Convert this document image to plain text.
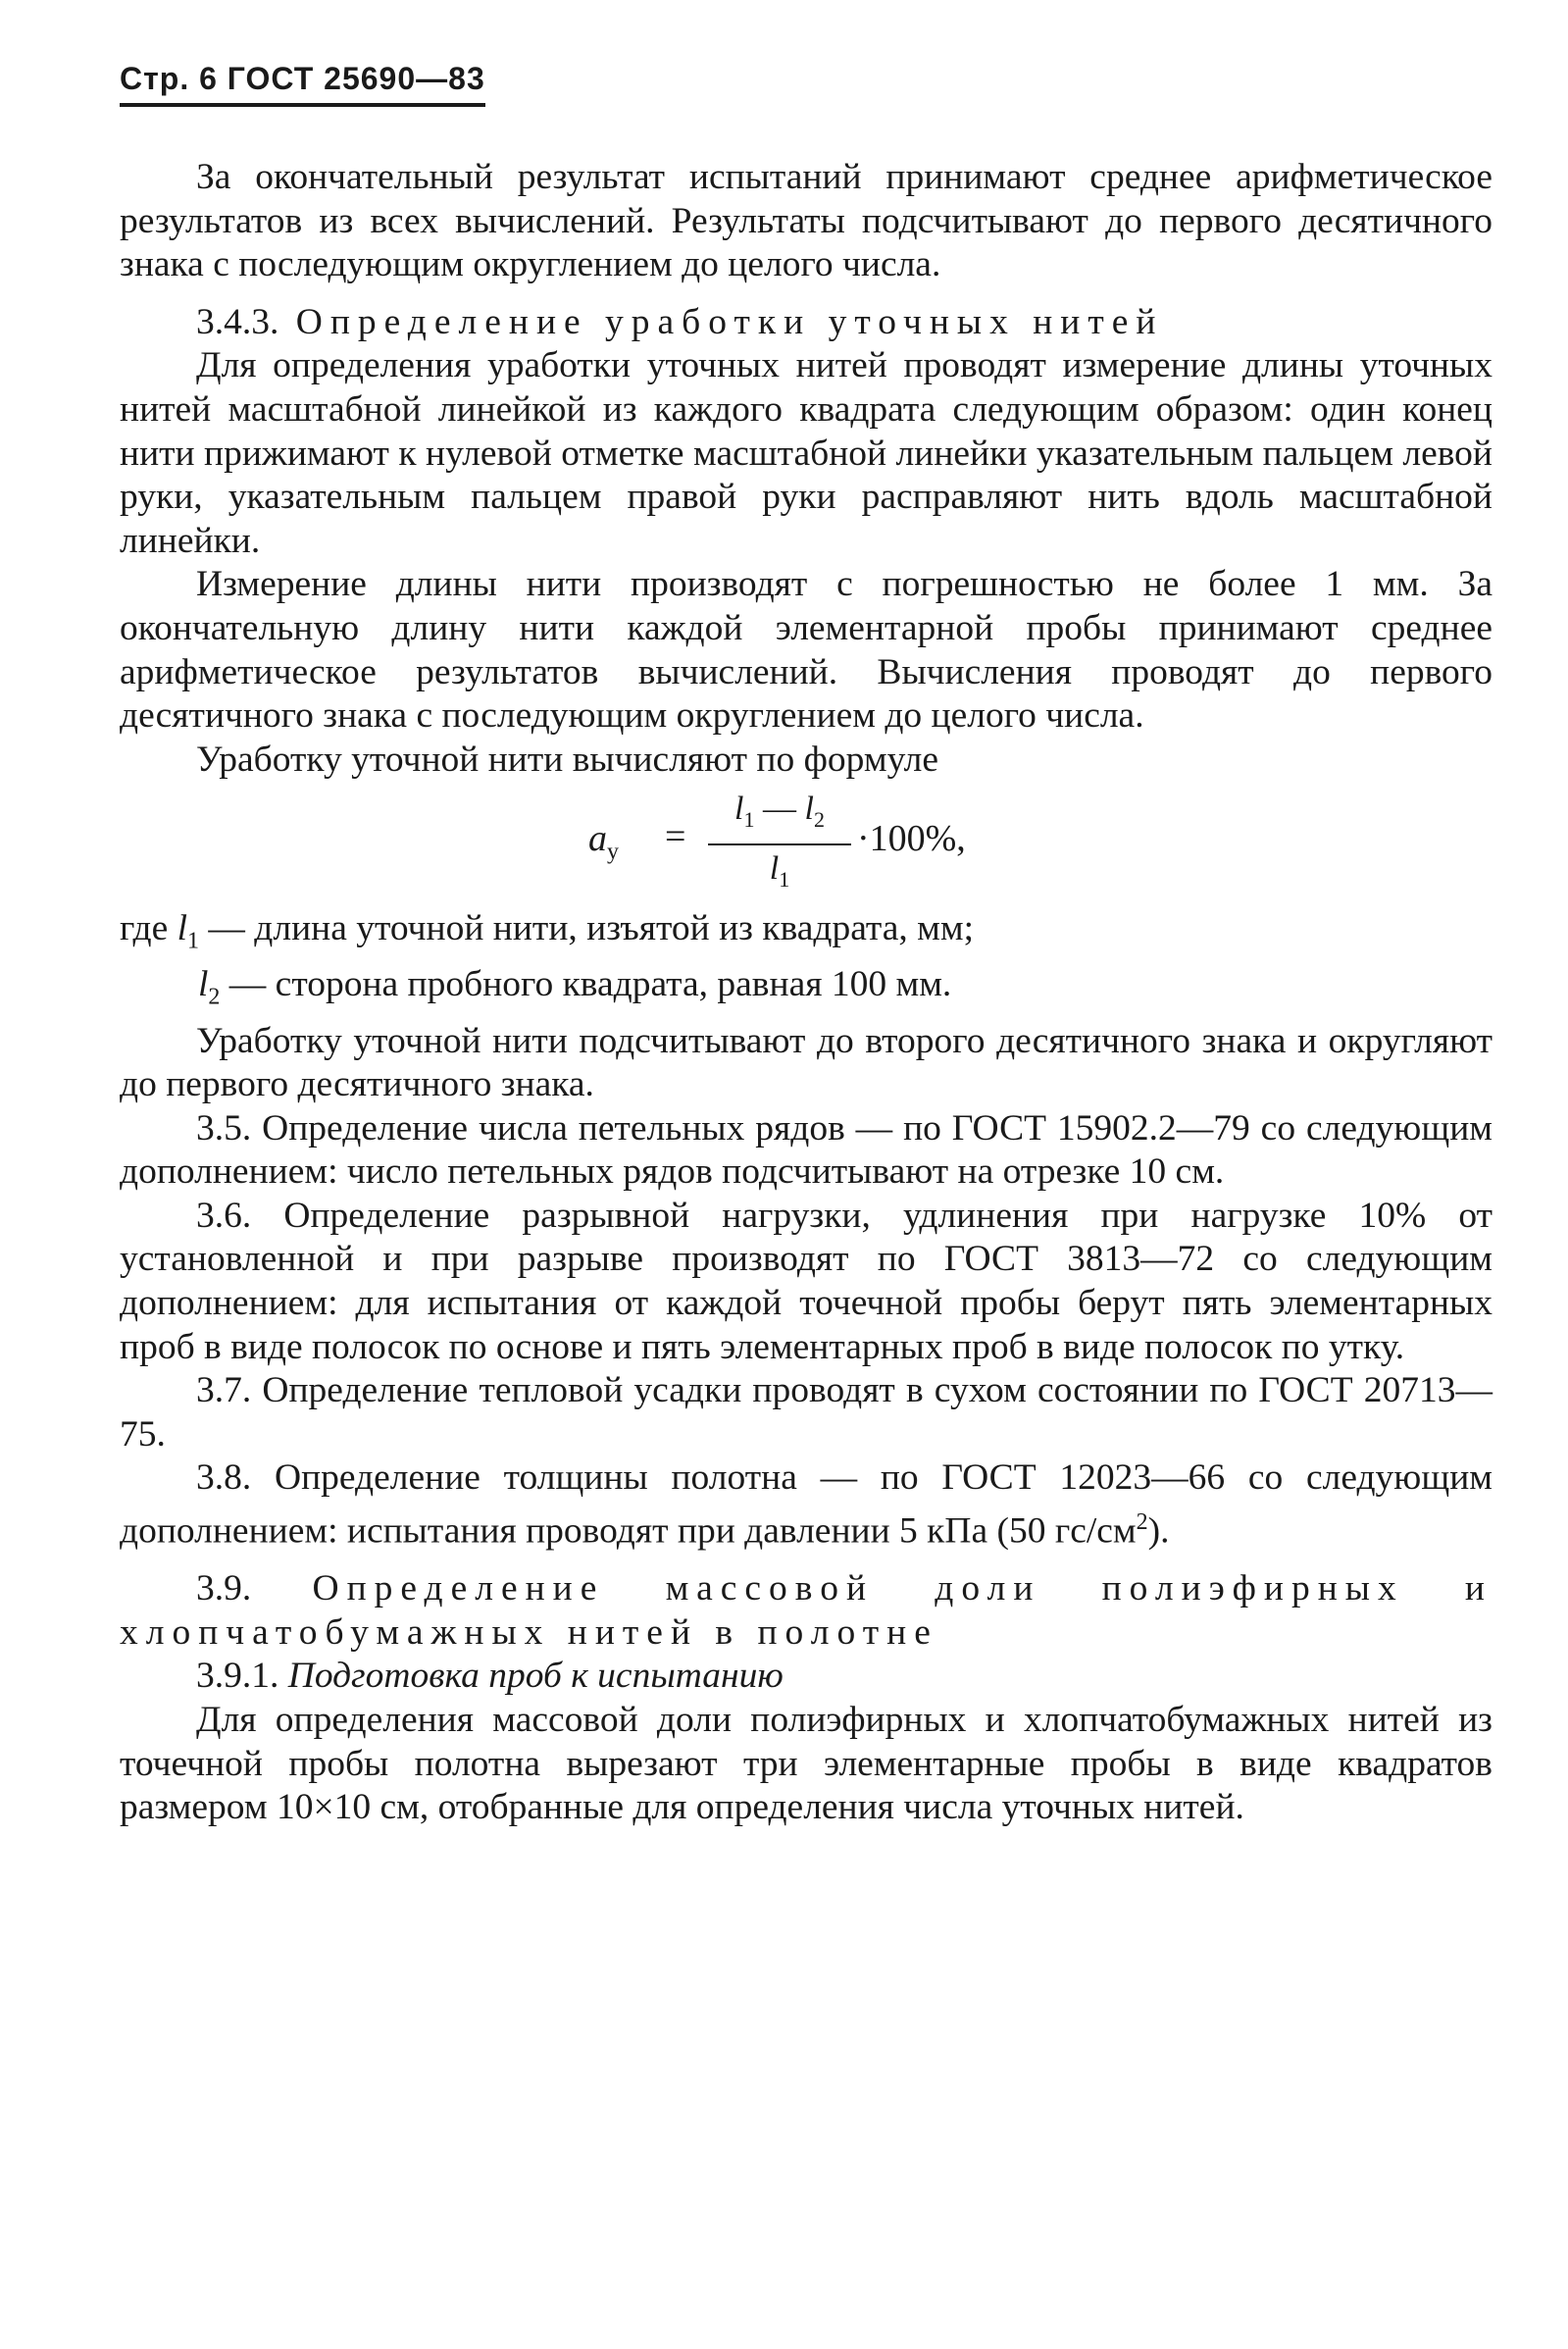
Стр. 6 ГОСТ 25690—83

За окончательный результат испытаний принимают среднее арифметическое результатов из всех вычислений. Результаты подсчитывают до первого десятичного знака с последующим округлением до целого числа.

3.4.3. Определение уработки уточных нитей

Для определения уработки уточных нитей проводят измерение длины уточных нитей масштабной линейкой из каждого квадрата следующим образом: один конец нити прижимают к нулевой отметке масштабной линейки указательным пальцем левой руки, указательным пальцем правой руки расправляют нить вдоль масштабной линейки.

Измерение длины нити производят с погрешностью не более 1 мм. За окончательную длину нити каждой элементарной пробы принимают среднее арифметическое результатов вычислений. Вычисления проводят до первого десятичного знака с последующим округлением до целого числа.

Уработку уточной нити вычисляют по формуле

$a_у$ =
$l_1$ — $l_2$
$l_1$
·100%,

где $l_1$ — длина уточной нити, изъятой из квадрата, мм;

$l_2$ — сторона пробного квадрата, равная 100 мм.

Уработку уточной нити подсчитывают до второго десятичного знака и округляют до первого десятичного знака.

3.5. Определение числа петельных рядов — по ГОСТ 15902.2—79 со следующим дополнением: число петельных рядов подсчитывают на отрезке 10 см.

3.6. Определение разрывной нагрузки, удлинения при нагрузке 10% от установленной и при разрыве производят по ГОСТ 3813—72 со следующим дополнением: для испытания от каждой точечной пробы берут пять элементарных проб в виде полосок по основе и пять элементарных проб в виде полосок по утку.

3.7. Определение тепловой усадки проводят в сухом состоянии по ГОСТ 20713—75.

3.8. Определение толщины полотна — по ГОСТ 12023—66 со следующим дополнением: испытания проводят при давлении 5 кПа (50 $гс/см^2$).

3.9. Определение массовой доли полиэфирных и хлопчатобумажных нитей в полотне

3.9.1. Подготовка проб к испытанию

Для определения массовой доли полиэфирных и хлопчатобумажных нитей из точечной пробы полотна вырезают три элементарные пробы в виде квадратов размером 10×10 см, отобранные для определения числа уточных нитей.
